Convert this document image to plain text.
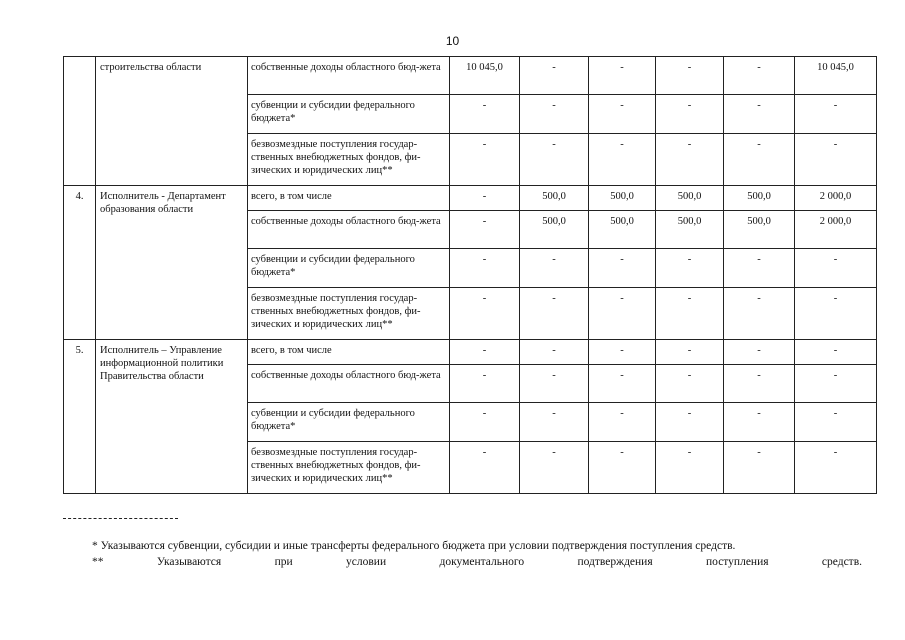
10
	строительства области	собственные доходы областного бюд-жета	10 045,0	-	-	-	-	10 045,0
		субвенции и субсидии федерального бюджета*	-	-	-	-	-	-
		безвозмездные поступления государ-ственных внебюджетных фондов, фи-зических и юридических лиц**	-	-	-	-	-	-
4.	Исполнитель - Департамент образования области	всего, в том числе	-	500,0	500,0	500,0	500,0	2 000,0
		собственные доходы областного бюд-жета	-	500,0	500,0	500,0	500,0	2 000,0
		субвенции и субсидии федерального бюджета*	-	-	-	-	-	-
		безвозмездные поступления государ-ственных внебюджетных фондов, фи-зических и юридических лиц**	-	-	-	-	-	-
5.	Исполнитель – Управление информационной политики Правительства области	всего, в том числе	-	-	-	-	-	-
		собственные доходы областного бюд-жета	-	-	-	-	-	-
		субвенции и субсидии федерального бюджета*	-	-	-	-	-	-
		безвозмездные поступления государ-ственных внебюджетных фондов, фи-зических и юридических лиц**	-	-	-	-	-	-
* Указываются субвенции, субсидии и иные трансферты федерального бюджета при условии подтверждения поступления средств.
** Указываются при условии документального подтверждения поступления средств.
